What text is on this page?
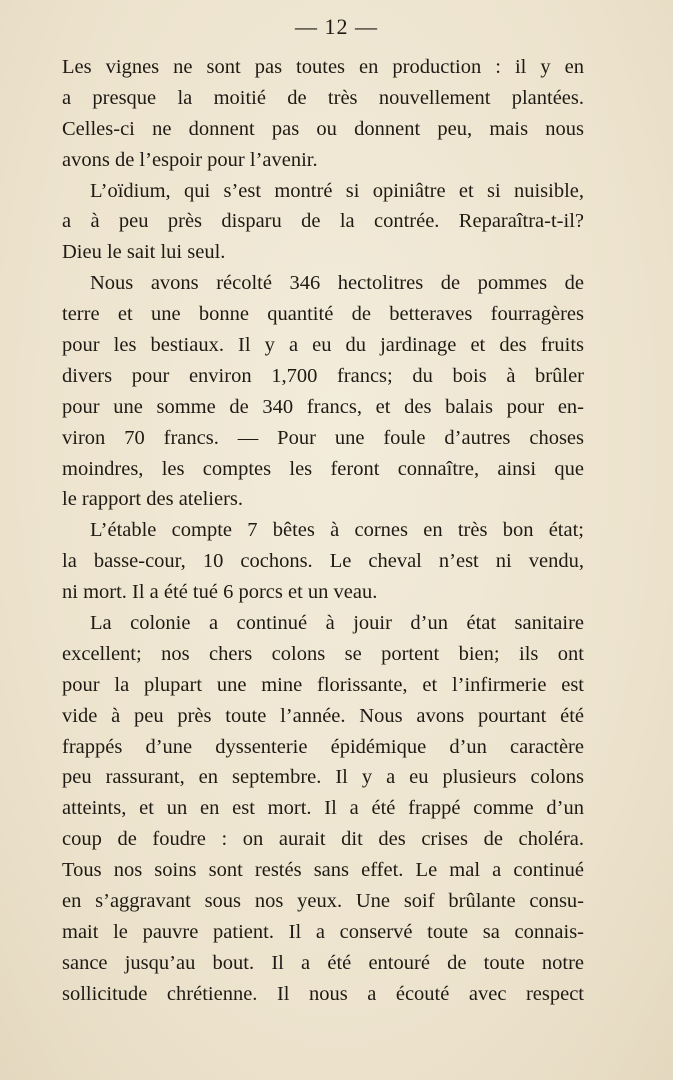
— 12 —
Les vignes ne sont pas toutes en production : il y en
a presque la moitié de très nouvellement plantées.
Celles-ci ne donnent pas ou donnent peu, mais nous
avons de l’espoir pour l’avenir.
L’oïdium, qui s’est montré si opiniâtre et si nuisible,
a à peu près disparu de la contrée. Reparaîtra-t-il?
Dieu le sait lui seul.
Nous avons récolté 346 hectolitres de pommes de
terre et une bonne quantité de betteraves fourragères
pour les bestiaux. Il y a eu du jardinage et des fruits
divers pour environ 1,700 francs; du bois à brûler
pour une somme de 340 francs, et des balais pour en-
viron 70 francs. — Pour une foule d’autres choses
moindres, les comptes les feront connaître, ainsi que
le rapport des ateliers.
L’étable compte 7 bêtes à cornes en très bon état;
la basse-cour, 10 cochons. Le cheval n’est ni vendu,
ni mort. Il a été tué 6 porcs et un veau.
La colonie a continué à jouir d’un état sanitaire
excellent; nos chers colons se portent bien; ils ont
pour la plupart une mine florissante, et l’infirmerie est
vide à peu près toute l’année. Nous avons pourtant été
frappés d’une dyssenterie épidémique d’un caractère
peu rassurant, en septembre. Il y a eu plusieurs colons
atteints, et un en est mort. Il a été frappé comme d’un
coup de foudre : on aurait dit des crises de choléra.
Tous nos soins sont restés sans effet. Le mal a continué
en s’aggravant sous nos yeux. Une soif brûlante consu-
mait le pauvre patient. Il a conservé toute sa connais-
sance jusqu’au bout. Il a été entouré de toute notre
sollicitude chrétienne. Il nous a écouté avec respect
